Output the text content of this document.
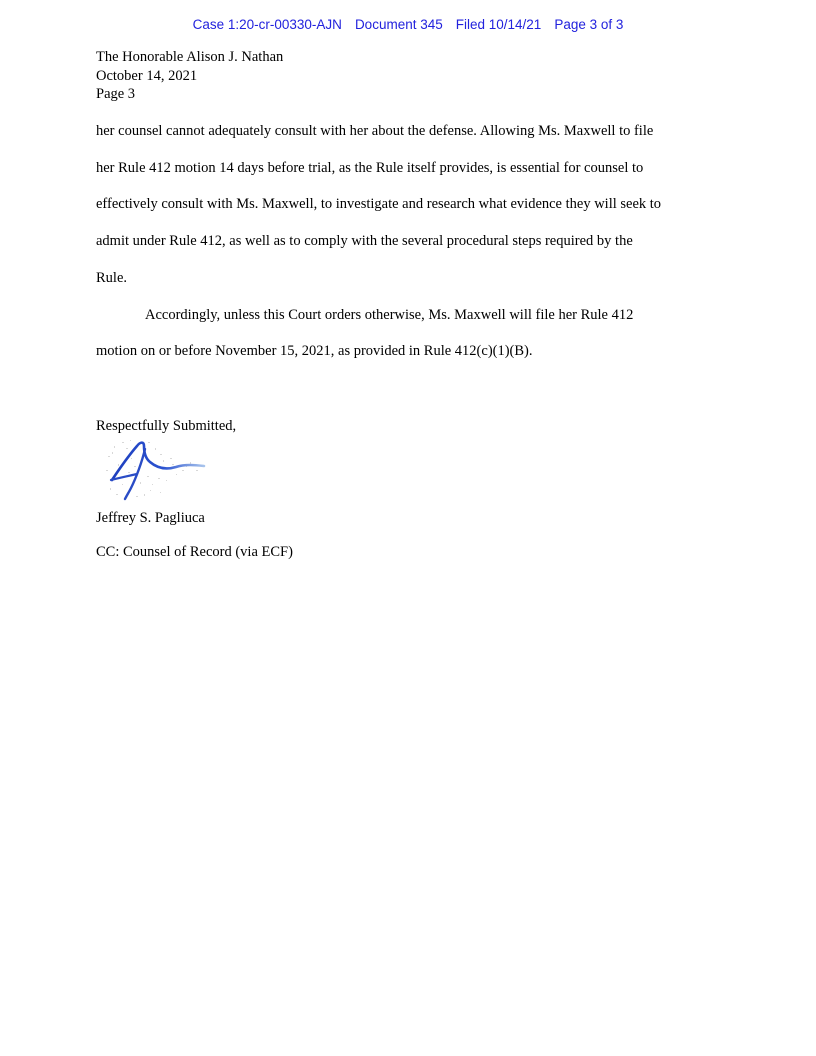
Case 1:20-cr-00330-AJN Document 345 Filed 10/14/21 Page 3 of 3
The Honorable Alison J. Nathan
October 14, 2021
Page 3
her counsel cannot adequately consult with her about the defense. Allowing Ms. Maxwell to file
her Rule 412 motion 14 days before trial, as the Rule itself provides, is essential for counsel to
effectively consult with Ms. Maxwell, to investigate and research what evidence they will seek to
admit under Rule 412, as well as to comply with the several procedural steps required by the
Rule.
Accordingly, unless this Court orders otherwise, Ms. Maxwell will file her Rule 412
motion on or before November 15, 2021, as provided in Rule 412(c)(1)(B).
Respectfully Submitted,
Jeffrey S. Pagliuca
CC: Counsel of Record (via ECF)
